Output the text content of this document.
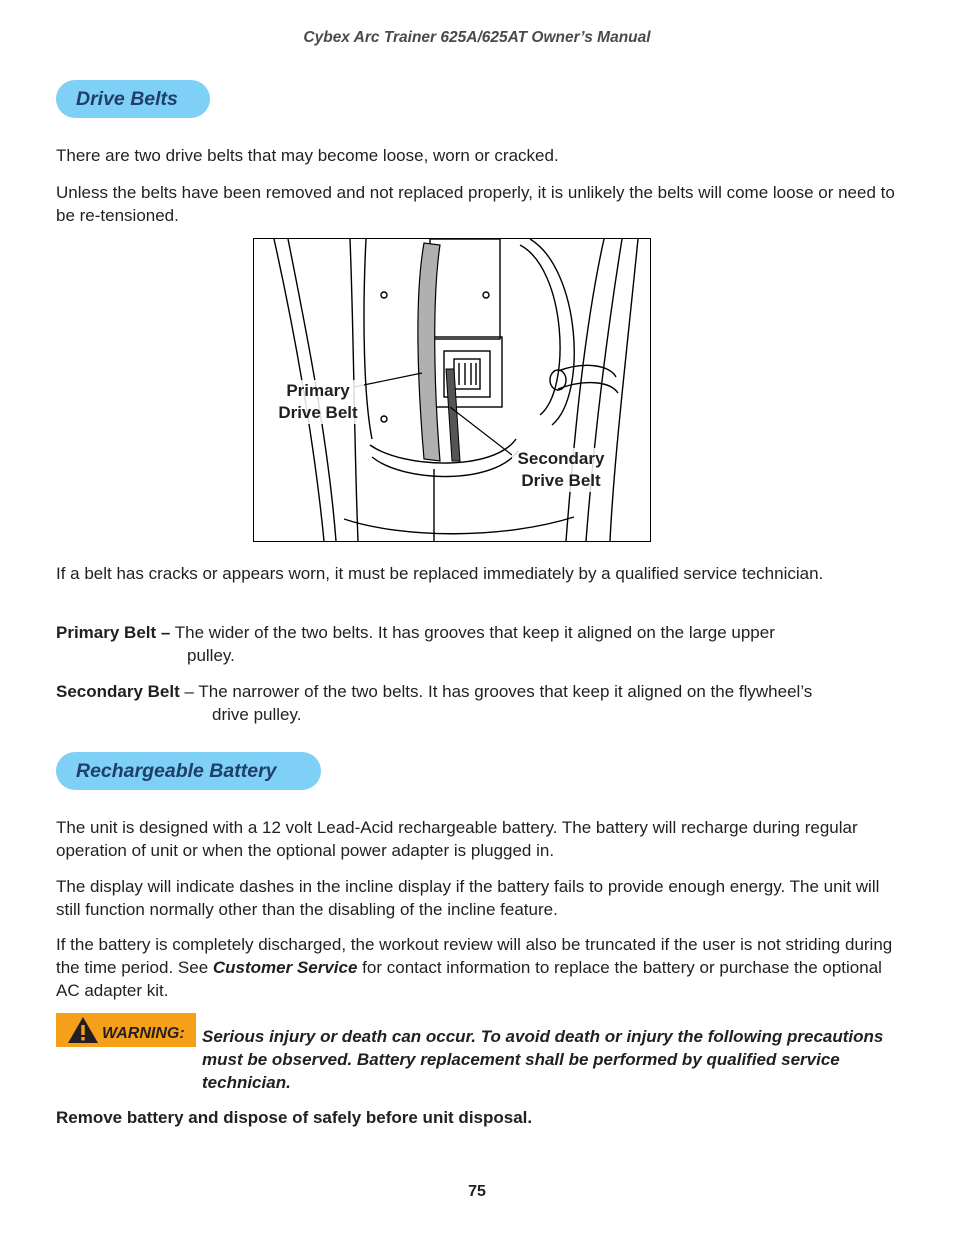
Cybex Arc Trainer 625A/625AT Owner’s Manual
Drive Belts
There are two drive belts that may become loose, worn or cracked.
Unless the belts have been removed and not replaced properly, it is unlikely the belts will come loose or need to be re-tensioned.
Primary
Drive Belt
Secondary
Drive Belt
If a belt has cracks or appears worn, it must be replaced immediately by a qualified service technician.
Primary Belt – The wider of the two belts. It has grooves that keep it aligned on the large upper
pulley.
Secondary Belt – The narrower of the two belts. It has grooves that keep it aligned on the flywheel’s
drive pulley.
Rechargeable Battery
The unit is designed with a 12 volt Lead-Acid rechargeable battery. The battery will recharge during regular operation of unit or when the optional power adapter is plugged in.
The display will indicate dashes in the incline display if the battery fails to provide enough energy. The unit will still function normally other than the disabling of the incline feature.
If the battery is completely discharged, the workout review will also be truncated if the user is not striding during the time period. See Customer Service for contact information to replace the battery or purchase the optional AC adapter kit.
WARNING: Serious injury or death can occur. To avoid death or injury the following precautions must be observed. Battery replacement shall be performed by qualified service technician.
Remove battery and dispose of safely before unit disposal.
75
